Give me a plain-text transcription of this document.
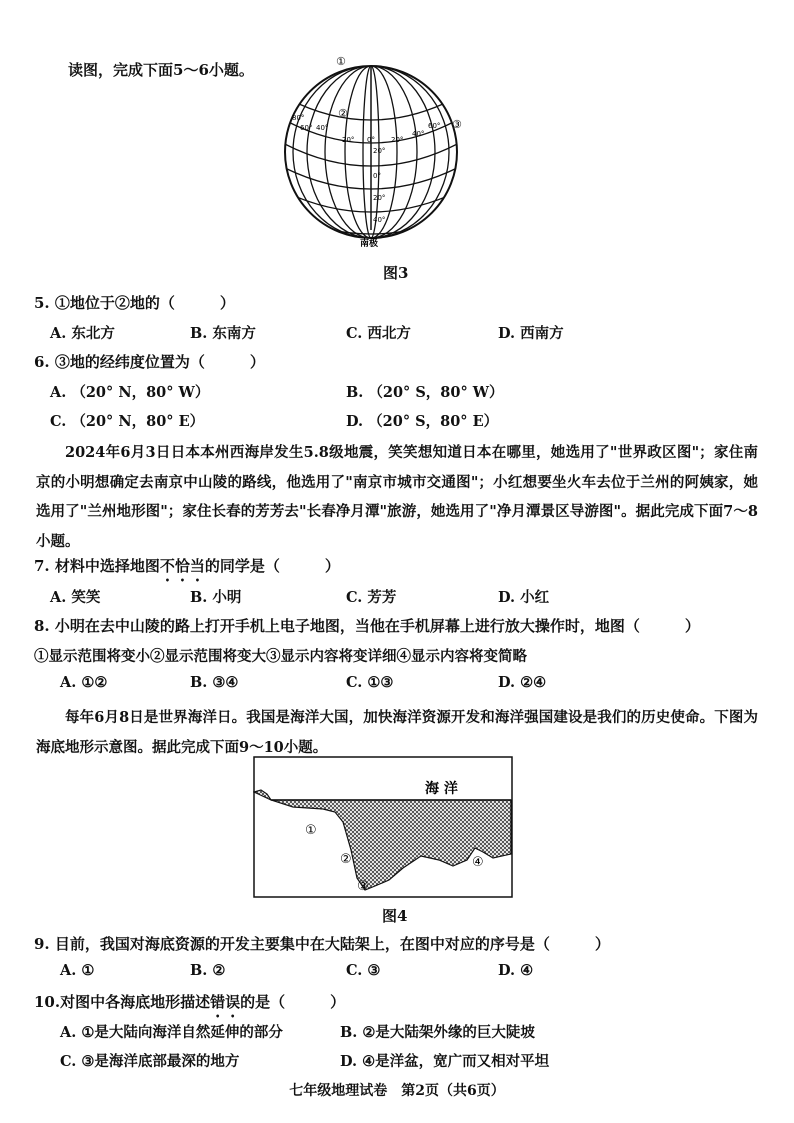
读图，完成下面5～6小题。	①
②
③
80°
60° 40°
20° 0° 20°
40°
60°
20°
0°
20°
40°
南极
图3
5. ①地位于②地的（　　　）
A. 东北方	B. 东南方	C. 西北方	D. 西南方
6. ③地的经纬度位置为（　　　）
A. （20° N，80° W）	B. （20° S，80° W）
C. （20° N，80° E）	D. （20° S，80° E）
2024年6月3日日本本州西海岸发生5.8级地震，笑笑想知道日本在哪里，她选用了"世界政区图"；家住南京的小明想确定去南京中山陵的路线，他选用了"南京市城市交通图"；小红想要坐火车去位于兰州的阿姨家，她选用了"兰州地形图"；家住长春的芳芳去"长春净月潭"旅游，她选用了"净月潭景区导游图"。据此完成下面7～8小题。
7. 材料中选择地图不恰当的同学是（　　　）
A. 笑笑	B. 小明	C. 芳芳	D. 小红
8. 小明在去中山陵的路上打开手机上电子地图，当他在手机屏幕上进行放大操作时，地图（　　　）
①显示范围将变小②显示范围将变大③显示内容将变详细④显示内容将变简略
A. ①②	B. ③④	C. ①③	D. ②④
每年6月8日是世界海洋日。我国是海洋大国，加快海洋资源开发和海洋强国建设是我们的历史使命。下图为海底地形示意图。据此完成下面9～10小题。
海 洋
①
②
③
④
图4
9. 目前，我国对海底资源的开发主要集中在大陆架上，在图中对应的序号是（　　　）
A. ①	B. ②	C. ③	D. ④
10.对图中各海底地形描述错误的是（　　　）
A. ①是大陆向海洋自然延伸的部分	B. ②是大陆架外缘的巨大陡坡
C. ③是海洋底部最深的地方	D. ④是洋盆，宽广而又相对平坦
七年级地理试卷　第2页（共6页）
